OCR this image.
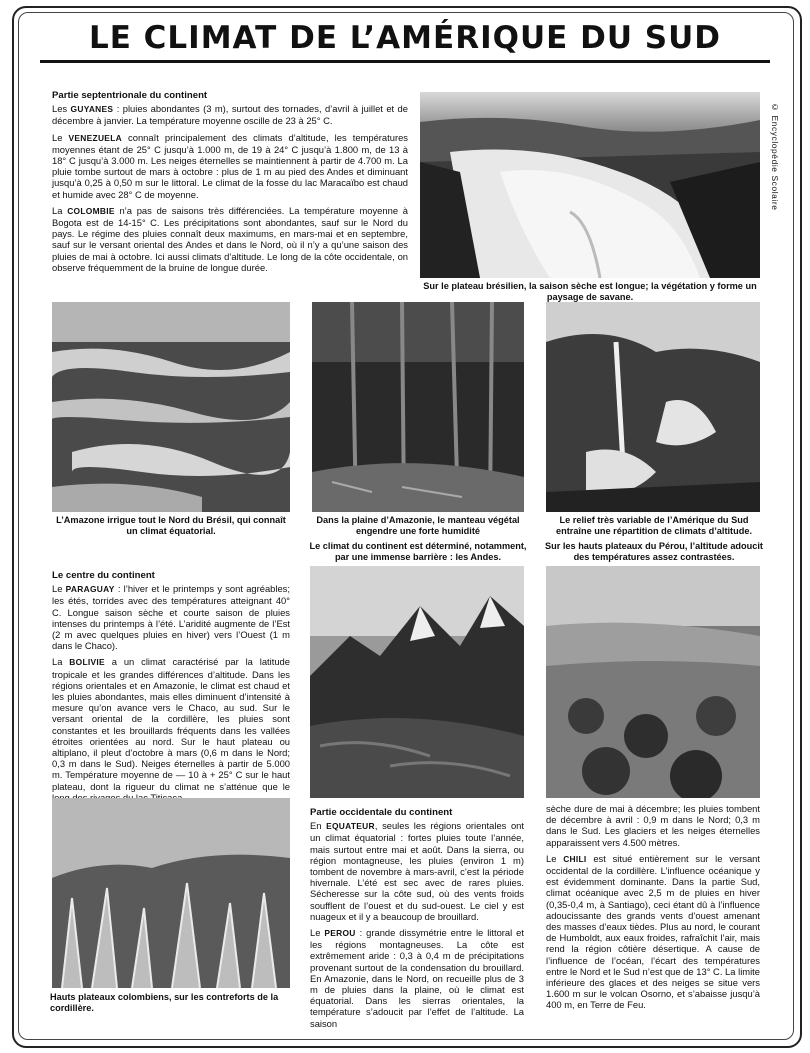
LE CLIMAT DE L’AMÉRIQUE DU SUD
© Encyclopédie Scolaire
Partie septentrionale du continent

Les GUYANES : pluies abondantes (3 m), surtout des tornades, d’avril à juillet et de décembre à janvier. La température moyenne oscille de 23 à 25° C.

Le VENEZUELA connaît principalement des climats d’altitude, les températures moyennes étant de 25° C jusqu’à 1.000 m, de 19 à 24° C jusqu’à 1.800 m, de 13 à 18° C jusqu’à 3.000 m. Les neiges éternelles se maintiennent à partir de 4.700 m. La pluie tombe surtout de mars à octobre : plus de 1 m au pied des Andes et diminuant jusqu’à 0,25 à 0,50 m sur le littoral. Le climat de la fosse du lac Maracaïbo est chaud et humide avec 28° C de moyenne.

La COLOMBIE n’a pas de saisons très différenciées. La température moyenne à Bogota est de 14-15° C. Les précipitations sont abondantes, sauf sur le Nord du pays. Le régime des pluies connaît deux maximums, en mars-mai et en septembre, sauf sur le versant oriental des Andes et dans le Nord, où il n’y a qu’une saison des pluies de mai à octobre. Ici aussi climats d’altitude. Le long de la côte occidentale, on observe fréquemment de la bruine de longue durée.

Sur le plateau brésilien, la saison sèche est longue; la végétation y forme un paysage de savane.
L’Amazone irrigue tout le Nord du Brésil, qui connaît un climat équatorial.
Dans la plaine d’Amazonie, le manteau végétal engendre une forte humidité
Le relief très variable de l’Amérique du Sud entraîne une répartition de climats d’altitude.
Le climat du continent est déterminé, notamment, par une immense barrière : les Andes.
Sur les hauts plateaux du Pérou, l’altitude adoucit des températures assez contrastées.
Le centre du continent

Le PARAGUAY : l’hiver et le printemps y sont agréables; les étés, torrides avec des températures atteignant 40° C. Longue saison sèche et courte saison de pluies intenses du printemps à l’été. L’aridité augmente de l’Est (2 m avec quelques pluies en hiver) vers l’Ouest (1 m dans le Chaco).

La BOLIVIE a un climat caractérisé par la latitude tropicale et les grandes différences d’altitude. Dans les régions orientales et en Amazonie, le climat est chaud et les pluies abondantes, mais elles diminuent d’intensité à mesure qu’on avance vers le Chaco, au sud. Sur le versant oriental de la cordillère, les pluies sont constantes et les brouillards fréquents dans les vallées étroites orientées au nord. Sur le haut plateau ou altiplano, il pleut d’octobre à mars (0,6 m dans le Nord; 0,3 m dans le Sud). Neiges éternelles à partir de 5.000 m. Température moyenne de — 10 à + 25° C sur le haut plateau, dont la rigueur du climat ne s’atténue que le

Hauts plateaux colombiens, sur les contreforts de la cordillère.
Partie occidentale du continent

En EQUATEUR, seules les régions orientales ont un climat équatorial : fortes pluies toute l’année, mais surtout entre mai et août. Dans la sierra, ou région montagneuse, les pluies (environ 1 m) tombent de novembre à mars-avril, c’est la période hivernale. L’été est sec avec de rares pluies. Sécheresse sur la côte sud, où des vents froids soufflent de l’ouest et du sud-ouest. Le ciel y est nuageux et il y a beaucoup de brouillard.

Le PEROU : grande dissymétrie entre le littoral et les régions montagneuses. La côte est extrêmement aride : 0,3 à 0,4 m de précipitations provenant surtout de la condensation du brouillard. En Amazonie, dans le Nord, on recueille plus de 3 m de pluies dans la plaine, où le climat est équatorial. Dans les sierras orientales, la température s’adoucit par l’effet de l’altitude. La saison

sèche dure de mai à décembre; les pluies tombent de décembre à avril : 0,9 m dans le Nord; 0,3 m dans le Sud. Les glaciers et les neiges éternelles apparaissent vers 4.500 mètres.

Le CHILI est situé entièrement sur le versant occidental de la cordillère. L’influence océanique y est évidemment dominante. Dans la partie Sud, climat océanique avec 2,5 m de pluies en hiver (0,35-0,4 m, à Santiago), ceci étant dû à l’influence adoucissante des grands vents d’ouest amenant des masses d’eaux tièdes. Plus au nord, le courant de Humboldt, aux eaux froides, rafraîchit l’air, mais rend la région côtière désertique. A cause de l’influence de l’océan, l’écart des températures entre le Nord et le Sud n’est que de 13° C. La limite inférieure des glaces et des neiges se situe vers 1.600 m sur le volcan Osorno, et s’abaisse jusqu’à 400 m, en Terre de Feu.
